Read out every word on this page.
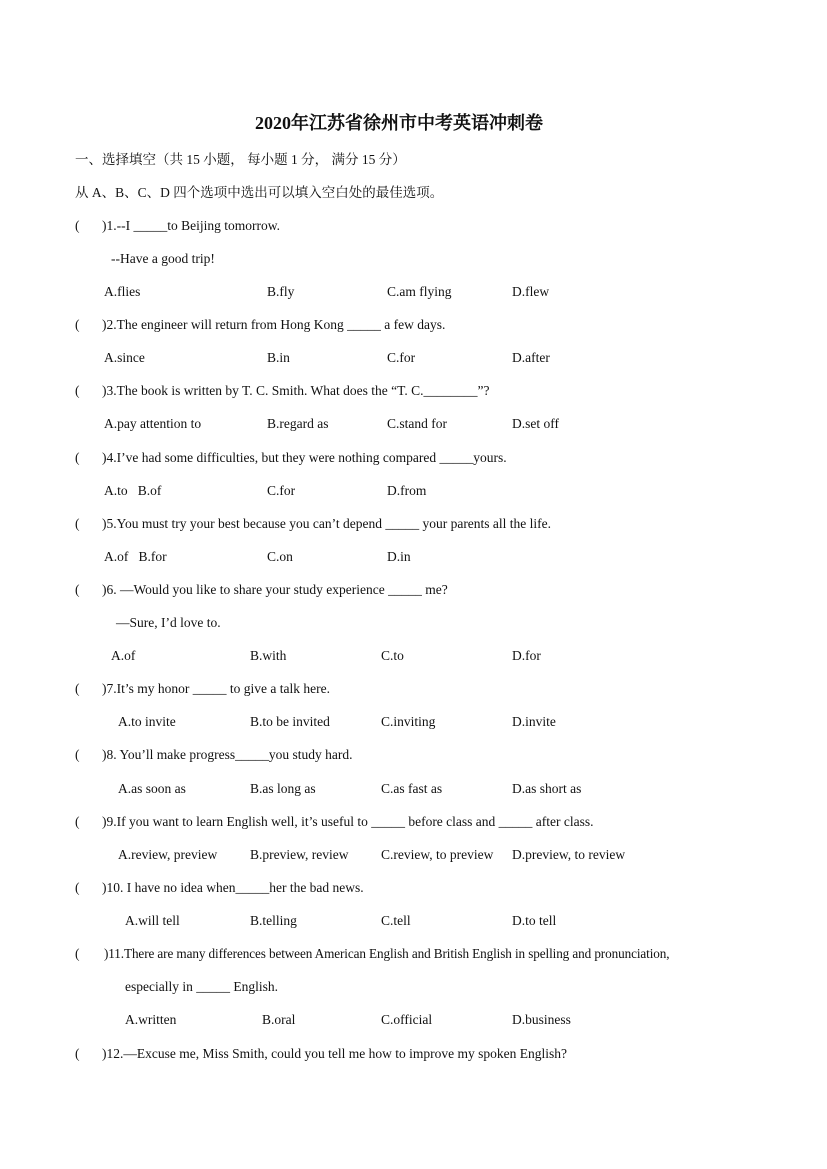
2020年江苏省徐州市中考英语冲刺卷
一、选择填空（共 15 小题， 每小题 1 分， 满分 15 分）
从 A、B、C、D 四个选项中选出可以填入空白处的最佳选项。
( )1.--I _____to Beijing tomorrow.
--Have a good trip!
A.flies	B.fly	C.am flying	D.flew
( )2.The engineer will return from Hong Kong _____ a few days.
A.since	B.in	C.for	D.after
( )3.The book is written by T. C. Smith. What does the “T. C.________”?
A.pay attention to	B.regard as	C.stand for	D.set off
( )4.I’ve had some difficulties, but they were nothing compared _____yours.
A.to   B.of	C.for	D.from
( )5.You must try your best because you can’t depend _____ your parents all the life.
A.of   B.for	C.on	D.in
( )6. —Would you like to share your study experience _____ me?
—Sure, I’d love to.
A.of	B.with	C.to	D.for
( )7.It’s my honor _____ to give a talk here.
A.to invite	B.to be invited	C.inviting	D.invite
( )8. You’ll make progress_____you study hard.
A.as soon as	B.as long as	C.as fast as	D.as short as
( )9.If you want to learn English well, it’s useful to _____ before class and _____ after class.
A.review, preview B.preview, review C.review, to preview D.preview, to review
( )10. I have no idea when_____her the bad news.
A.will tell	B.telling	C.tell	D.to tell
( )11.There are many differences between American English and British English in spelling and pronunciation,
especially in _____ English.
A.written	B.oral	C.official	D.business
( )12.—Excuse me, Miss Smith, could you tell me how to improve my spoken English?
